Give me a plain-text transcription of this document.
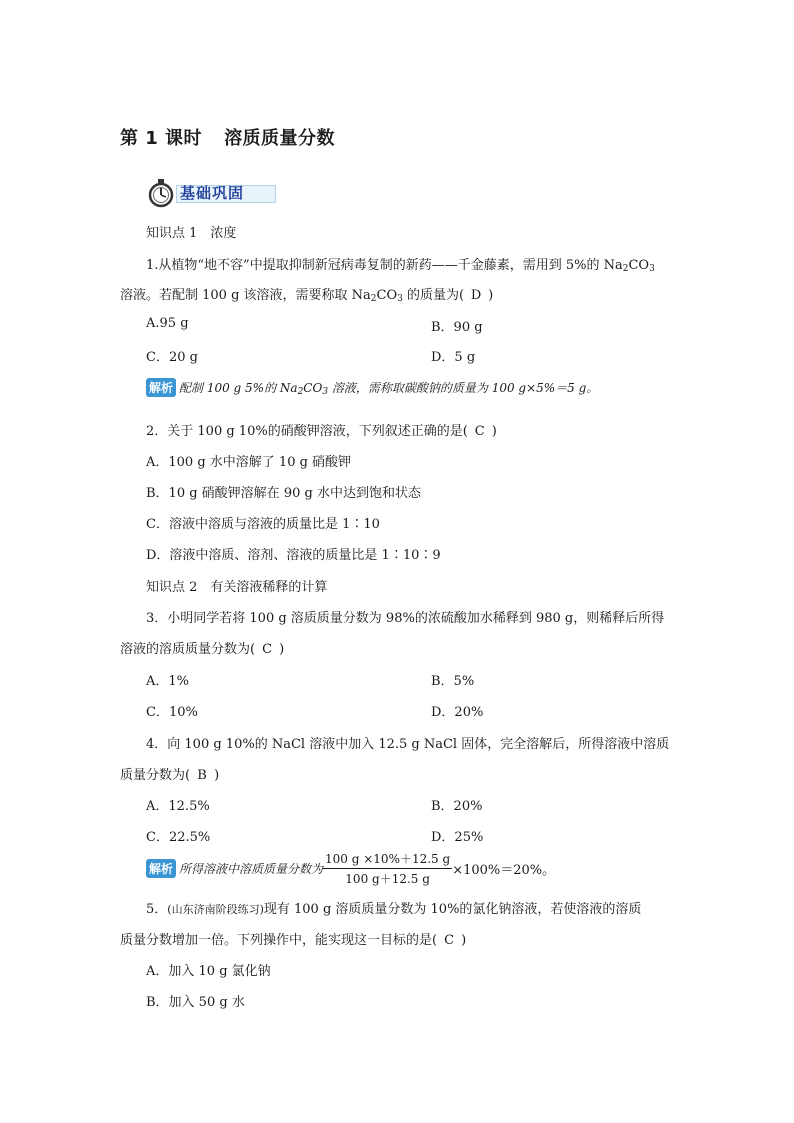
第 1 课时 溶质质量分数
基础巩固
知识点 1　浓度
1.从植物“地不容”中提取抑制新冠病毒复制的新药——千金藤素，需用到 5%的 $Na_2CO_3$
溶液。若配制 100 g 该溶液，需要称取 $Na_2CO_3$ 的质量为( D )
A.95 g	B．90 g
C．20 g	D．5 g
解析 配制 100 g 5%的 $Na_2CO_3$ 溶液，需称取碳酸钠的质量为 100 g×5%＝5 g。
2．关于 100 g 10%的硝酸钾溶液，下列叙述正确的是( C )
A．100 g 水中溶解了 10 g 硝酸钾
B．10 g 硝酸钾溶解在 90 g 水中达到饱和状态
C．溶液中溶质与溶液的质量比是 1∶10
D．溶液中溶质、溶剂、溶液的质量比是 1∶10∶9
知识点 2　有关溶液稀释的计算
3．小明同学若将 100 g 溶质质量分数为 98%的浓硫酸加水稀释到 980 g，则稀释后所得
溶液的溶质质量分数为( C )
A．1%	B．5%
C．10%	D．20%
4．向 100 g 10%的 NaCl 溶液中加入 12.5 g NaCl 固体，完全溶解后，所得溶液中溶质
质量分数为( B )
A．12.5%	B．20%
C．22.5%	D．25%
解析 所得溶液中溶质质量分数为 $\frac{100 g \times 10\%+12.5 g}{100 g+12.5 g} \times 100\%=20\%$。
5．(山东济南阶段练习)现有 100 g 溶质质量分数为 10%的氯化钠溶液，若使溶液的溶质
质量分数增加一倍。下列操作中，能实现这一目标的是( C )
A．加入 10 g 氯化钠
B．加入 50 g 水
